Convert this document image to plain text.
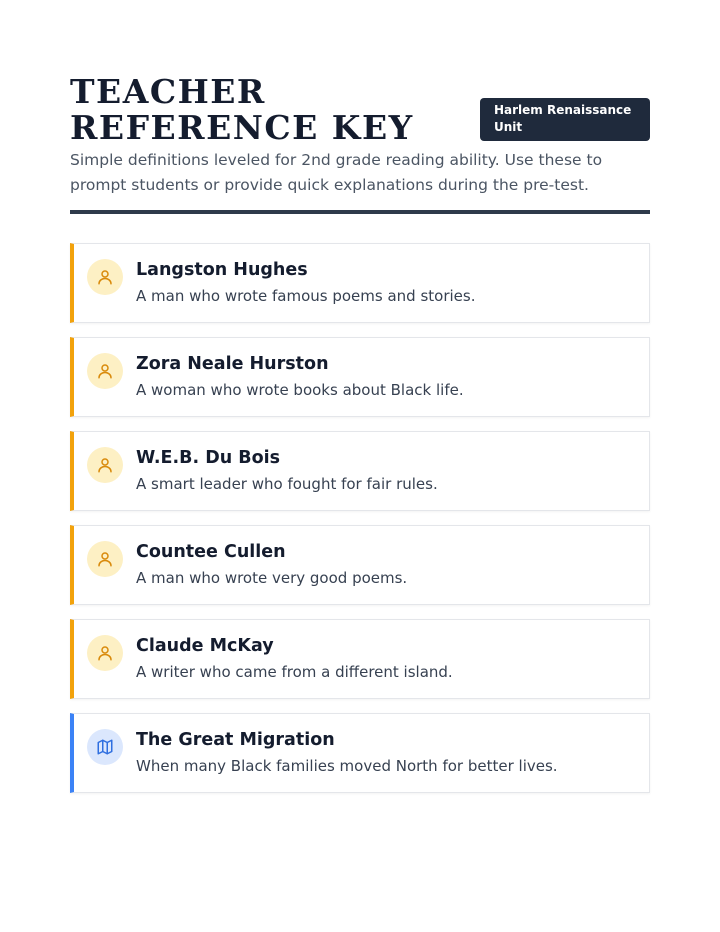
TEACHER REFERENCE KEY	Harlem Renaissance Unit

Simple definitions leveled for 2nd grade reading ability. Use these to prompt students or provide quick explanations during the pre-test.

Langston Hughes

A man who wrote famous poems and stories.

Zora Neale Hurston

A woman who wrote books about Black life.

W.E.B. Du Bois

A smart leader who fought for fair rules.

Countee Cullen

A man who wrote very good poems.

Claude McKay

A writer who came from a different island.

The Great Migration

When many Black families moved North for better lives.
